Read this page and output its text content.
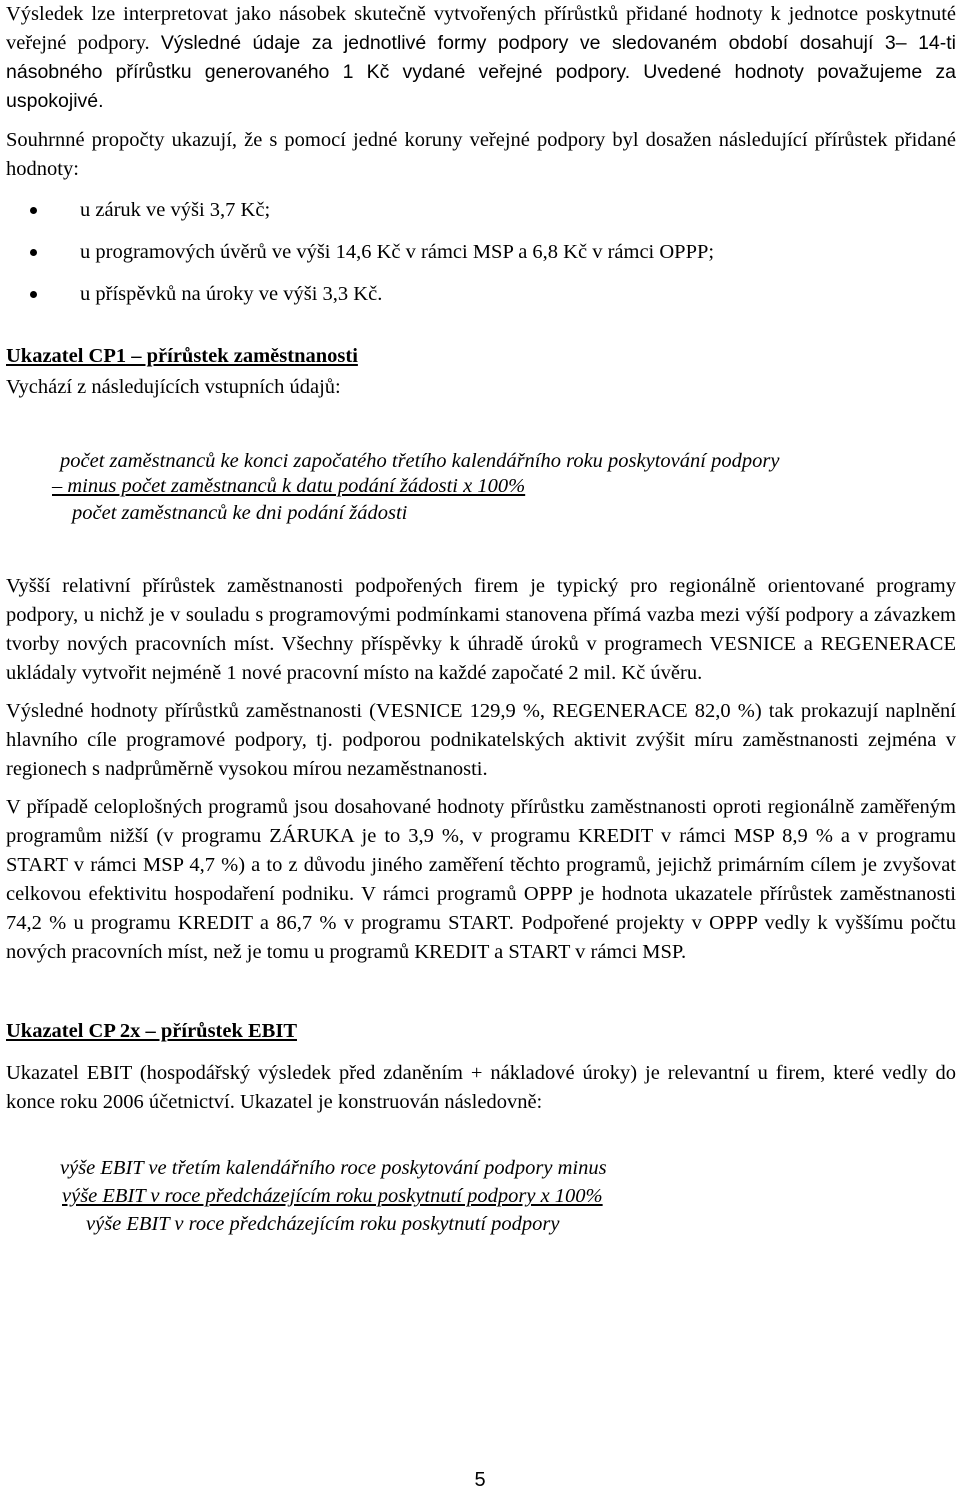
Výsledek lze interpretovat jako násobek skutečně vytvořených přírůstků přidané hodnoty k jednotce poskytnuté veřejné podpory. Výsledné údaje za jednotlivé formy podpory ve sledovaném období dosahují 3– 14-ti násobného přírůstku generovaného 1 Kč vydané veřejné podpory. Uvedené hodnoty považujeme za uspokojivé.

Souhrnné propočty ukazují, že s pomocí jedné koruny veřejné podpory byl dosažen následující přírůstek přidané hodnoty:

u záruk ve výši 3,7 Kč;
u programových úvěrů ve výši 14,6 Kč v rámci MSP a 6,8 Kč v rámci OPPP;
u příspěvků na úroky ve výši 3,3 Kč.

Ukazatel CP1 – přírůstek zaměstnanosti

Vychází z následujících vstupních údajů:

počet zaměstnanců ke konci započatého třetího kalendářního roku poskytování podpory

– minus počet zaměstnanců k datu podání žádosti x 100%

počet zaměstnanců ke dni podání žádosti

Vyšší relativní přírůstek zaměstnanosti podpořených firem je typický pro regionálně orientované programy podpory, u nichž je v souladu s programovými podmínkami stanovena přímá vazba mezi výší podpory a závazkem tvorby nových pracovních míst. Všechny příspěvky k úhradě úroků v programech VESNICE a REGENERACE ukládaly vytvořit nejméně 1 nové pracovní místo na každé započaté 2 mil. Kč úvěru.

Výsledné hodnoty přírůstků zaměstnanosti (VESNICE 129,9 %, REGENERACE 82,0 %) tak prokazují naplnění hlavního cíle programové podpory, tj. podporou podnikatelských aktivit zvýšit míru zaměstnanosti zejména v regionech s nadprůměrně vysokou mírou nezaměstnanosti.

V případě celoplošných programů jsou dosahované hodnoty přírůstku zaměstnanosti oproti regionálně zaměřeným programům nižší (v programu ZÁRUKA je to 3,9 %, v programu KREDIT v rámci MSP 8,9 % a v programu START v rámci MSP 4,7 %) a to z důvodu jiného zaměření těchto programů, jejichž primárním cílem je zvyšovat celkovou efektivitu hospodaření podniku. V rámci programů OPPP je hodnota ukazatele přírůstek zaměstnanosti 74,2 % u programu KREDIT a 86,7 % v programu START. Podpořené projekty v OPPP vedly k vyššímu počtu nových pracovních míst, než je tomu u programů KREDIT a START v rámci MSP.

Ukazatel CP 2x – přírůstek EBIT

Ukazatel EBIT (hospodářský výsledek před zdaněním + nákladové úroky) je relevantní u firem, které vedly do konce roku 2006 účetnictví. Ukazatel je konstruován následovně:

výše EBIT ve třetím kalendářního roce poskytování podpory minus

výše EBIT v roce předcházejícím roku poskytnutí podpory x 100%

výše EBIT v roce předcházejícím roku poskytnutí podpory

5
